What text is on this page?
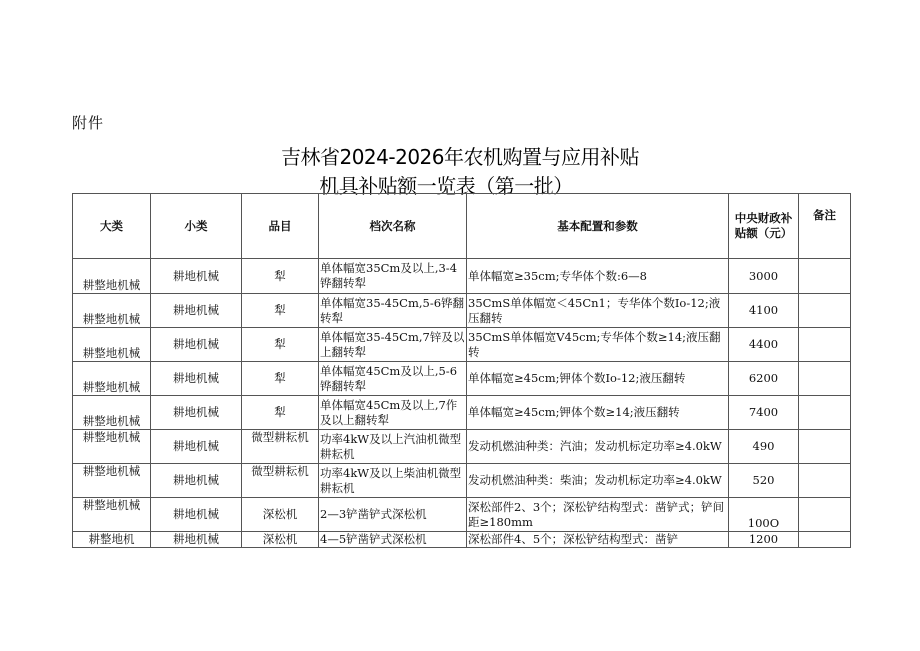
附件
吉林省2024-2026年农机购置与应用补贴
机具补贴额一览表（第一批）
大类	小类	品目	档次名称	基本配置和参数	中央财政补贴额（元）	备注
耕整地机械	耕地机械	犁	单体幅宽35Cm及以上,3-4铧翻转犁	单体幅宽≥35cm;专华体个数:6—8	3000	
耕整地机械	耕地机械	犁	单体幅宽35-45Cm,5-6铧翻转犁	35CmS单体幅宽＜45Cn1；专华体个数Io-12;液压翻转	4100	
耕整地机械	耕地机械	犁	单体幅宽35-45Cm,7锌及以上翻转犁	35CmS单体幅宽V45cm;专华体个数≥14;液压翻转	4400	
耕整地机械	耕地机械	犁	单体幅宽45Cm及以上,5-6铧翻转犁	单体幅宽≥45cm;钾体个数Io-12;液压翻转	6200	
耕整地机械	耕地机械	犁	单体幅宽45Cm及以上,7作及以上翻转犁	单体幅宽≥45cm;钾体个数≥14;液压翻转	7400	
耕整地机械	耕地机械	微型耕耘机	功率4kW及以上汽油机微型耕耘机	发动机燃油种类：汽油；发动机标定功率≥4.0kW	490	
耕整地机械	耕地机械	微型耕耘机	功率4kW及以上柴油机微型耕耘机	发动机燃油种类：柴油；发动机标定功率≥4.0kW	520	
耕整地机械	耕地机械	深松机	2—3铲凿铲式深松机	深松部件2、3个；深松铲结构型式：凿铲式；铲间距≥180mm	100O	
耕整地机	耕地机械	深松机	4—5铲凿铲式深松机	深松部件4、5个；深松铲结构型式：凿铲	1200	
